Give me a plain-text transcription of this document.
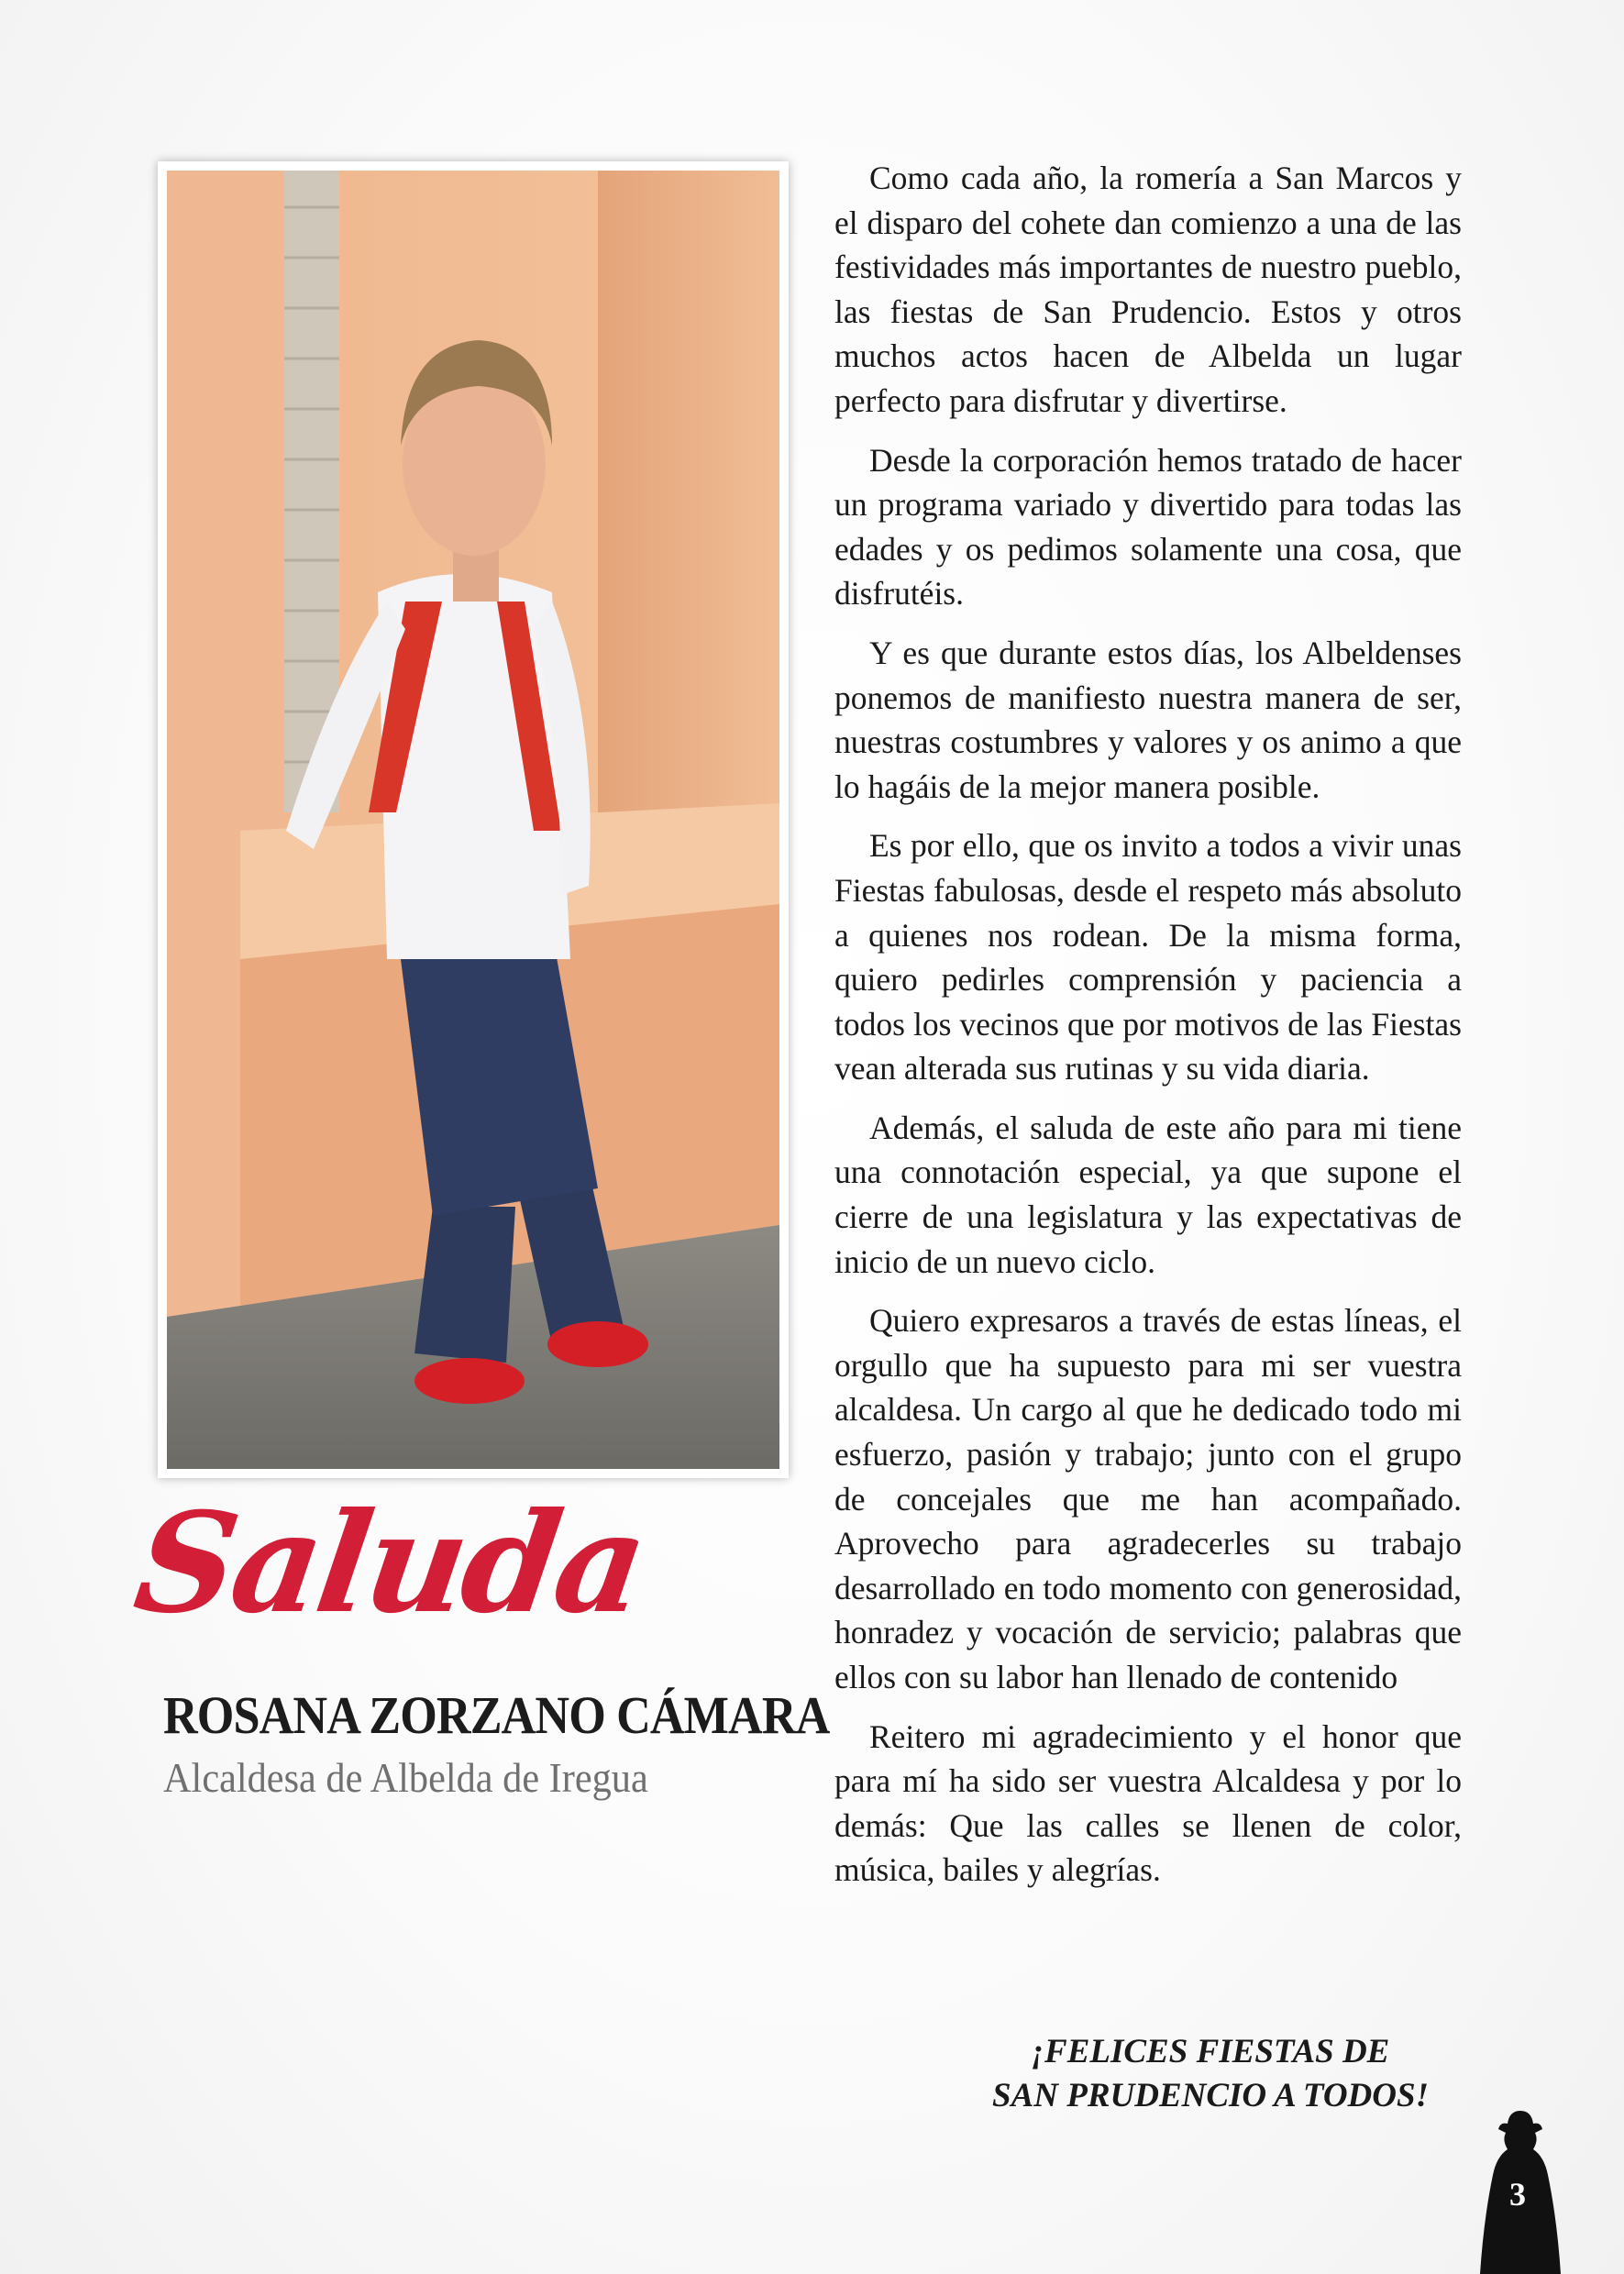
Saluda
ROSANA ZORZANO CÁMARA
Alcaldesa de Albelda de Iregua

Como cada año, la romería a San Marcos y el disparo del cohete dan comienzo a una de las festividades más importantes de nuestro pueblo, las fiestas de San Prudencio. Estos y otros muchos actos hacen de Albelda un lugar perfecto para disfrutar y divertirse.

Desde la corporación hemos tratado de hacer un programa variado y divertido para todas las edades y os pedimos solamente una cosa, que disfrutéis.

Y es que durante estos días, los Albeldenses ponemos de manifiesto nuestra manera de ser, nuestras costumbres y valores y os animo a que lo hagáis de la mejor manera posible.

Es por ello, que os invito a todos a vivir unas Fiestas fabulosas, desde el respeto más absoluto a quienes nos rodean. De la misma forma, quiero pedirles comprensión y paciencia a todos los vecinos que por motivos de las Fiestas vean alterada sus rutinas y su vida diaria.

Además, el saluda de este año para mi tiene una connotación especial, ya que supone el cierre de una legislatura y las expectativas de inicio de un nuevo ciclo.

Quiero expresaros a través de estas líneas, el orgullo que ha supuesto para mi ser vuestra alcaldesa. Un cargo al que he dedicado todo mi esfuerzo, pasión y trabajo; junto con el grupo de concejales que me han acompañado. Aprovecho para agradecerles su trabajo desarrollado en todo momento con generosidad, honradez y vocación de servicio; palabras que ellos con su labor han llenado de contenido

Reitero mi agradecimiento y el honor que para mí ha sido ser vuestra Alcaldesa y por lo demás: Que las calles se llenen de color, música, bailes y alegrías.

¡FELICES FIESTAS DE
SAN PRUDENCIO A TODOS!
3
